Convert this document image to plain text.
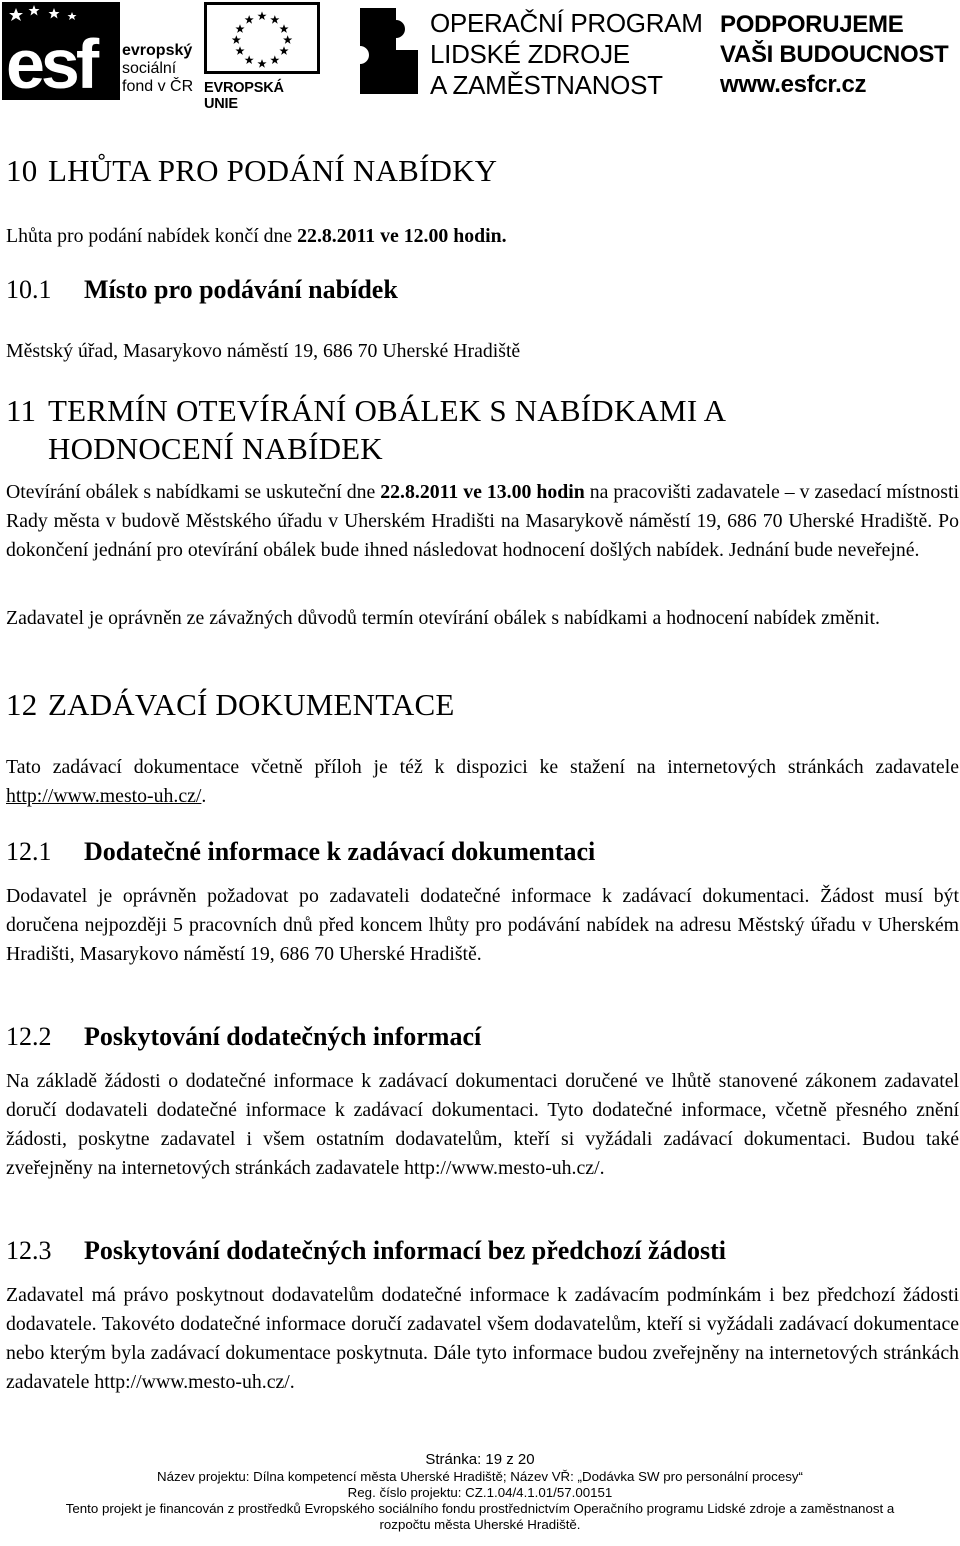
esf evropský
sociální
fond v ČR EVROPSKÁ UNIE
OPERAČNÍ PROGRAM
LIDSKÉ ZDROJE
A ZAMĚSTNANOST
PODPORUJEME
VAŠI BUDOUCNOST
www.esfcr.cz
10 LHŮTA PRO PODÁNÍ NABÍDKY
Lhůta pro podání nabídek končí dne 22.8.2011 ve 12.00 hodin.
10.1 Místo pro podávání nabídek
Městský úřad, Masarykovo náměstí 19, 686 70 Uherské Hradiště
11 TERMÍN OTEVÍRÁNÍ OBÁLEK S NABÍDKAMI A
HODNOCENÍ NABÍDEK
Otevírání obálek s nabídkami se uskuteční dne 22.8.2011 ve 13.00 hodin na pracovišti zadavatele – v zasedací místnosti Rady města v budově Městského úřadu v Uherském Hradišti na Masarykově náměstí 19, 686 70 Uherské Hradiště. Po dokončení jednání pro otevírání obálek bude ihned následovat hodnocení došlých nabídek. Jednání bude neveřejné.
Zadavatel je oprávněn ze závažných důvodů termín otevírání obálek s nabídkami a hodnocení nabídek změnit.
12 ZADÁVACÍ DOKUMENTACE
Tato zadávací dokumentace včetně příloh je též k dispozici ke stažení na internetových stránkách zadavatele http://www.mesto-uh.cz/.
12.1 Dodatečné informace k zadávací dokumentaci
Dodavatel je oprávněn požadovat po zadavateli dodatečné informace k zadávací dokumentaci. Žádost musí být doručena nejpozději 5 pracovních dnů před koncem lhůty pro podávání nabídek na adresu Městský úřadu v Uherském Hradišti, Masarykovo náměstí 19, 686 70 Uherské Hradiště.
12.2 Poskytování dodatečných informací
Na základě žádosti o dodatečné informace k zadávací dokumentaci doručené ve lhůtě stanovené zákonem zadavatel doručí dodavateli dodatečné informace k zadávací dokumentaci. Tyto dodatečné informace, včetně přesného znění žádosti, poskytne zadavatel i všem ostatním dodavatelům, kteří si vyžádali zadávací dokumentaci. Budou také zveřejněny na internetových stránkách zadavatele http://www.mesto-uh.cz/.
12.3 Poskytování dodatečných informací bez předchozí žádosti
Zadavatel má právo poskytnout dodavatelům dodatečné informace k zadávacím podmínkám i bez předchozí žádosti dodavatele. Takovéto dodatečné informace doručí zadavatel všem dodavatelům, kteří si vyžádali zadávací dokumentace nebo kterým byla zadávací dokumentace poskytnuta. Dále tyto informace budou zveřejněny na internetových stránkách zadavatele http://www.mesto-uh.cz/.
Stránka: 19 z 20
Název projektu: Dílna kompetencí města Uherské Hradiště; Název VŘ: „Dodávka SW pro personální procesy“
Reg. číslo projektu: CZ.1.04/4.1.01/57.00151
Tento projekt je financován z prostředků Evropského sociálního fondu prostřednictvím Operačního programu Lidské zdroje a zaměstnanost a
rozpočtu města Uherské Hradiště.
